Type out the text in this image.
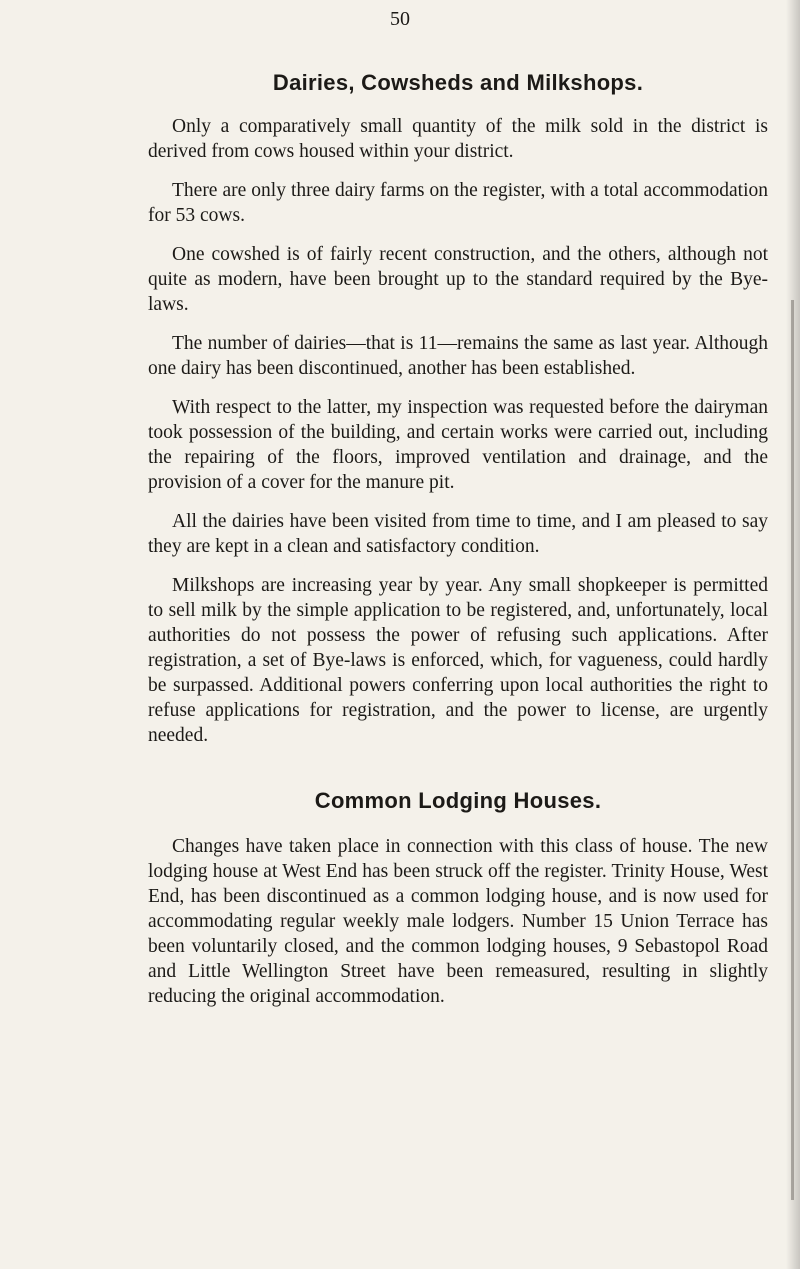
50
Dairies, Cowsheds and Milkshops.

Only a comparatively small quantity of the milk sold in the district is derived from cows housed within your district.

There are only three dairy farms on the register, with a total accommodation for 53 cows.

One cowshed is of fairly recent construction, and the others, although not quite as modern, have been brought up to the standard required by the Bye-laws.

The number of dairies—that is 11—remains the same as last year. Although one dairy has been discontinued, another has been established.

With respect to the latter, my inspection was requested before the dairyman took possession of the building, and certain works were carried out, including the repairing of the floors, improved ventilation and drainage, and the provision of a cover for the manure pit.

All the dairies have been visited from time to time, and I am pleased to say they are kept in a clean and satisfactory condition.

Milkshops are increasing year by year. Any small shopkeeper is permitted to sell milk by the simple application to be registered, and, unfortunately, local authorities do not possess the power of refusing such applications. After registration, a set of Bye-laws is enforced, which, for vagueness, could hardly be surpassed. Additional powers conferring upon local authorities the right to refuse applications for registration, and the power to license, are urgently needed.

Common Lodging Houses.

Changes have taken place in connection with this class of house. The new lodging house at West End has been struck off the register. Trinity House, West End, has been discontinued as a common lodging house, and is now used for accommodating regular weekly male lodgers. Number 15 Union Terrace has been voluntarily closed, and the common lodging houses, 9 Sebastopol Road and Little Wellington Street have been remeasured, resulting in slightly reducing the original accommodation.
